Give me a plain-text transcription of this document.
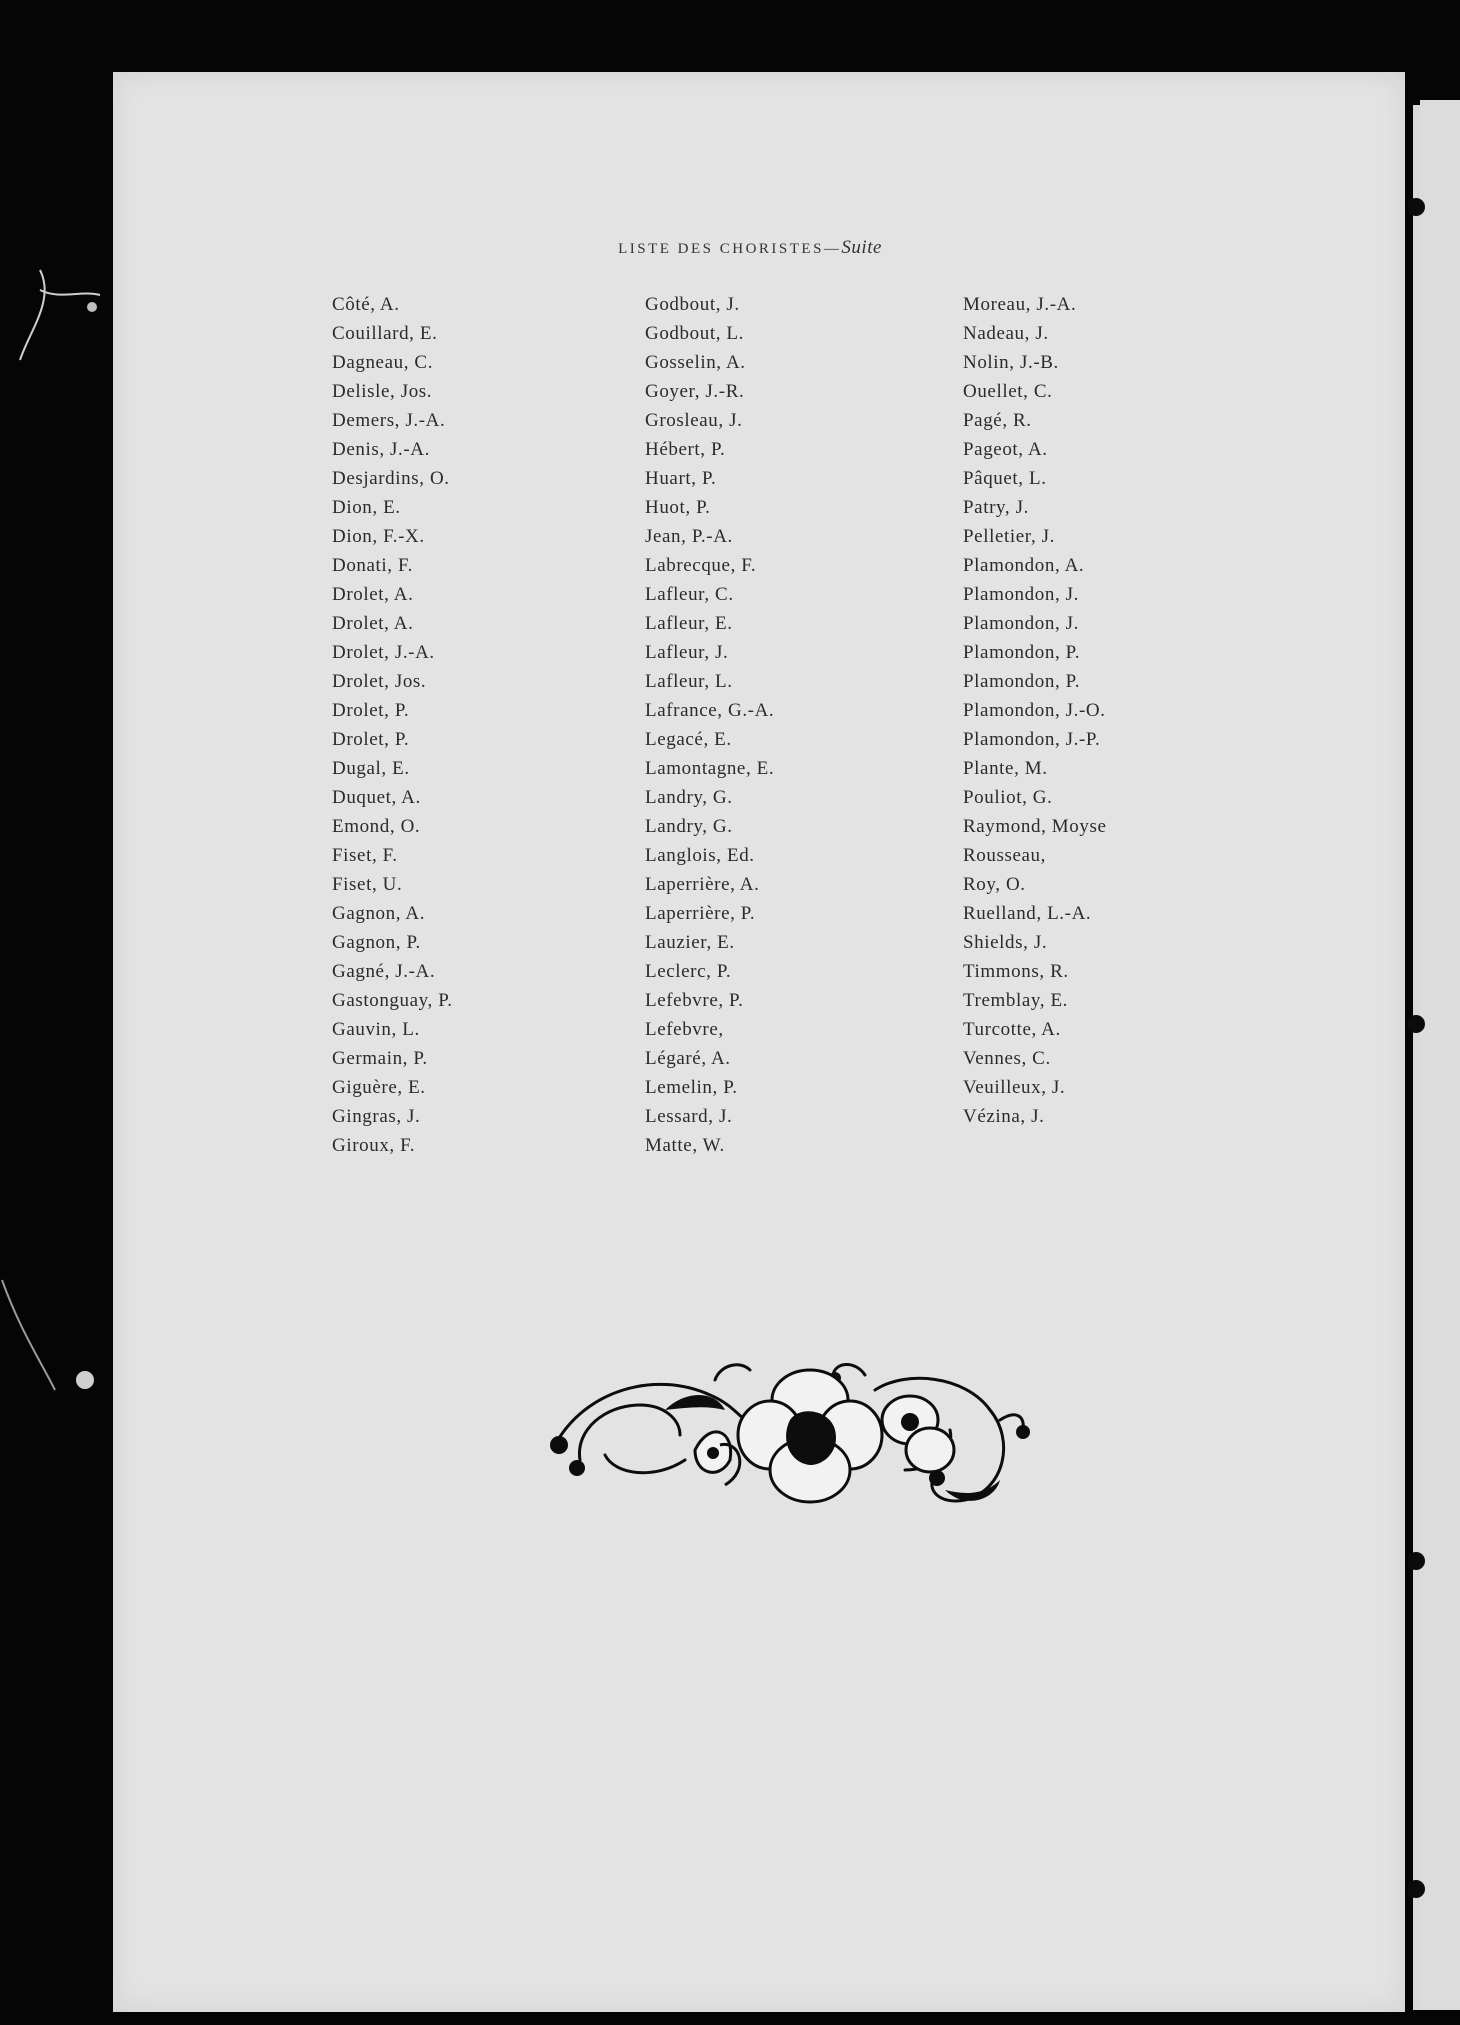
LISTE DES CHORISTES—Suite
Côté, A.
Couillard, E.
Dagneau, C.
Delisle, Jos.
Demers, J.-A.
Denis, J.-A.
Desjardins, O.
Dion, E.
Dion, F.-X.
Donati, F.
Drolet, A.
Drolet, A.
Drolet, J.-A.
Drolet, Jos.
Drolet, P.
Drolet, P.
Dugal, E.
Duquet, A.
Emond, O.
Fiset, F.
Fiset, U.
Gagnon, A.
Gagnon, P.
Gagné, J.-A.
Gastonguay, P.
Gauvin, L.
Germain, P.
Giguère, E.
Gingras, J.
Giroux, F.
Godbout, J.
Godbout, L.
Gosselin, A.
Goyer, J.-R.
Grosleau, J.
Hébert, P.
Huart, P.
Huot, P.
Jean, P.-A.
Labrecque, F.
Lafleur, C.
Lafleur, E.
Lafleur, J.
Lafleur, L.
Lafrance, G.-A.
Legacé, E.
Lamontagne, E.
Landry, G.
Landry, G.
Langlois, Ed.
Laperrière, A.
Laperrière, P.
Lauzier, E.
Leclerc, P.
Lefebvre, P.
Lefebvre,
Légaré, A.
Lemelin, P.
Lessard, J.
Matte, W.
Moreau, J.-A.
Nadeau, J.
Nolin, J.-B.
Ouellet, C.
Pagé, R.
Pageot, A.
Pâquet, L.
Patry, J.
Pelletier, J.
Plamondon, A.
Plamondon, J.
Plamondon, J.
Plamondon, P.
Plamondon, P.
Plamondon, J.-O.
Plamondon, J.-P.
Plante, M.
Pouliot, G.
Raymond, Moyse
Rousseau,
Roy, O.
Ruelland, L.-A.
Shields, J.
Timmons, R.
Tremblay, E.
Turcotte, A.
Vennes, C.
Veuilleux, J.
Vézina, J.
